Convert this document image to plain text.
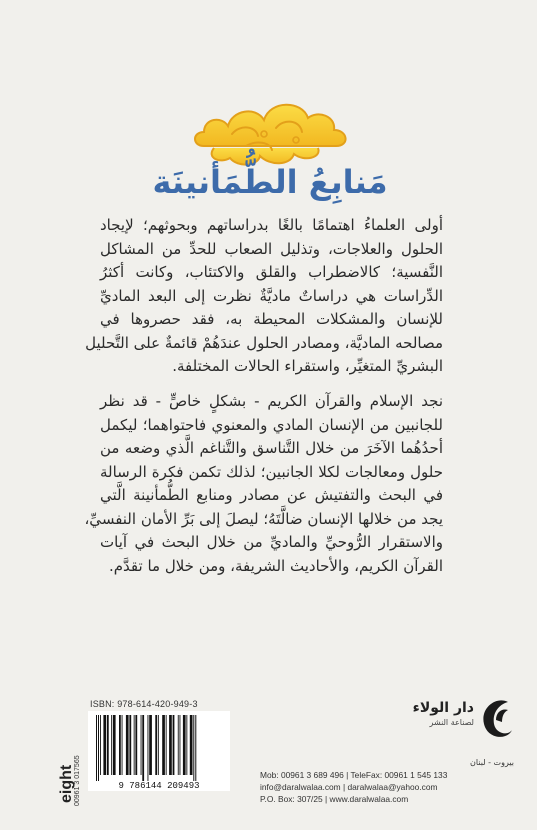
مَنابِعُ الطُّمَأنينَة
أولى العلماءُ اهتمامًا بالغًا بدراساتهم وبحوثهم؛ لإيجاد
الحلول والعلاجات، وتذليل الصعاب للحدِّ من المشاكل
النَّفسية؛ كالاضطراب والقلق والاكتئاب، وكانت أكثرُ
الدِّراسات هي دراساتٌ ماديَّةٌ نظرت إلى البعد الماديِّ
للإنسان والمشكلات المحيطة به، فقد حصروها في
مصالحه الماديَّة، ومصادر الحلول عندَهُمْ قائمةٌ على التَّحليل
البشريِّ المتغيِّر، واستقراء الحالات المختلفة.
نجد الإسلام والقرآن الكريم - بشكلٍ خاصٍّ - قد نظر
للجانبين من الإنسان المادي والمعنوي فاحتواهما؛ ليكمل
أحدُهُما الآخَرَ من خلال التَّناسق والتَّناغم الَّذي وضعه من
حلول ومعالجات لكلا الجانبين؛ لذلك تكمن فكرة الرسالة
في البحث والتفتيش عن مصادر ومنابع الطُّمأنينة الَّتي
يجد من خلالها الإنسان ضالَّتَهُ؛ ليصلَ إلى بَرِّ الأمان النفسيِّ،
والاستقرار الرُّوحيِّ والماديِّ من خلال البحث في آيات
القرآن الكريم، والأحاديث الشريفة، ومن خلال ما تقدَّم.
ISBN: 978-614-420-949-3
9 786144 209493
eight 00961 3 017565
دار الولاء
لصناعة النشر
بيروت - لبنان
Mob: 00961 3 689 496 | TeleFax: 00961 1 545 133
info@daralwalaa.com | daralwalaa@yahoo.com
P.O. Box: 307/25 | www.daralwalaa.com
